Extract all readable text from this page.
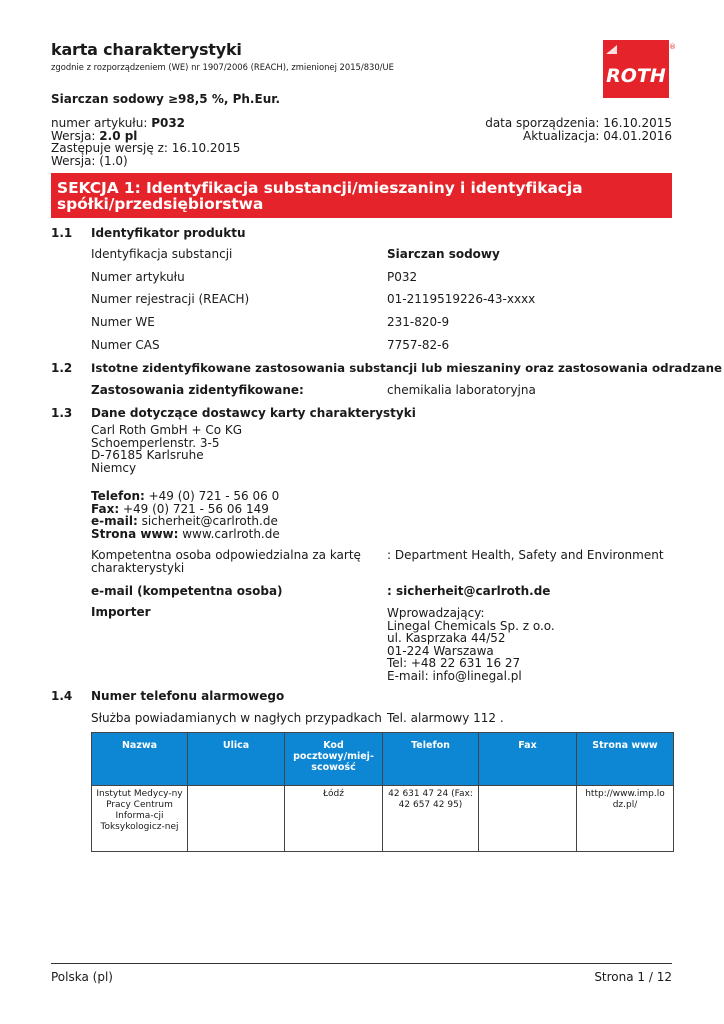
karta charakterystyki
zgodnie z rozporządzeniem (WE) nr 1907/2006 (REACH), zmienionej 2015/830/UE	ROTH
®
Siarczan sodowy ≥98,5 %, Ph.Eur.
numer artykułu: P032
Wersja: 2.0 pl
Zastępuje wersję z: 16.10.2015
Wersja: (1.0)
data sporządzenia: 16.10.2015
Aktualizacja: 04.01.2016
SEKCJA 1: Identyfikacja substancji/mieszaniny i identyfikacja
spółki/przedsiębiorstwa
1.1 Identyfikator produktu
Identyfikacja substancji	Siarczan sodowy
Numer artykułu	P032
Numer rejestracji (REACH)	01-2119519226-43-xxxx
Numer WE	231-820-9
Numer CAS	7757-82-6
1.2 Istotne zidentyfikowane zastosowania substancji lub mieszaniny oraz zastosowania odradzane
Zastosowania zidentyfikowane:	chemikalia laboratoryjna
1.3 Dane dotyczące dostawcy karty charakterystyki
Carl Roth GmbH + Co KG
Schoemperlenstr. 3-5
D-76185 Karlsruhe
Niemcy
Telefon: +49 (0) 721 - 56 06 0
Fax: +49 (0) 721 - 56 06 149
e-mail: sicherheit@carlroth.de
Strona www: www.carlroth.de
Kompetentna osoba odpowiedzialna za kartę
charakterystyki
: Department Health, Safety and Environment
e-mail (kompetentna osoba)	: sicherheit@carlroth.de
Importer	Wprowadzający:
Linegal Chemicals Sp. z o.o.
ul. Kasprzaka 44/52
01-224 Warszawa
Tel: +48 22 631 16 27
E-mail: info@linegal.pl
1.4 Numer telefonu alarmowego
Służba powiadamianych w nagłych przypadkach Tel. alarmowy 112 .
Nazwa	Ulica	Kod pocztowy/miej-scowość	Telefon	Fax	Strona www
Instytut Medycy-ny Pracy Centrum Informa-cji Toksykologicz-nej		Łódź	42 631 47 24 (Fax: 42 657 42 95)		http://www.imp.lo dz.pl/
Polska (pl)	Strona 1 / 12
